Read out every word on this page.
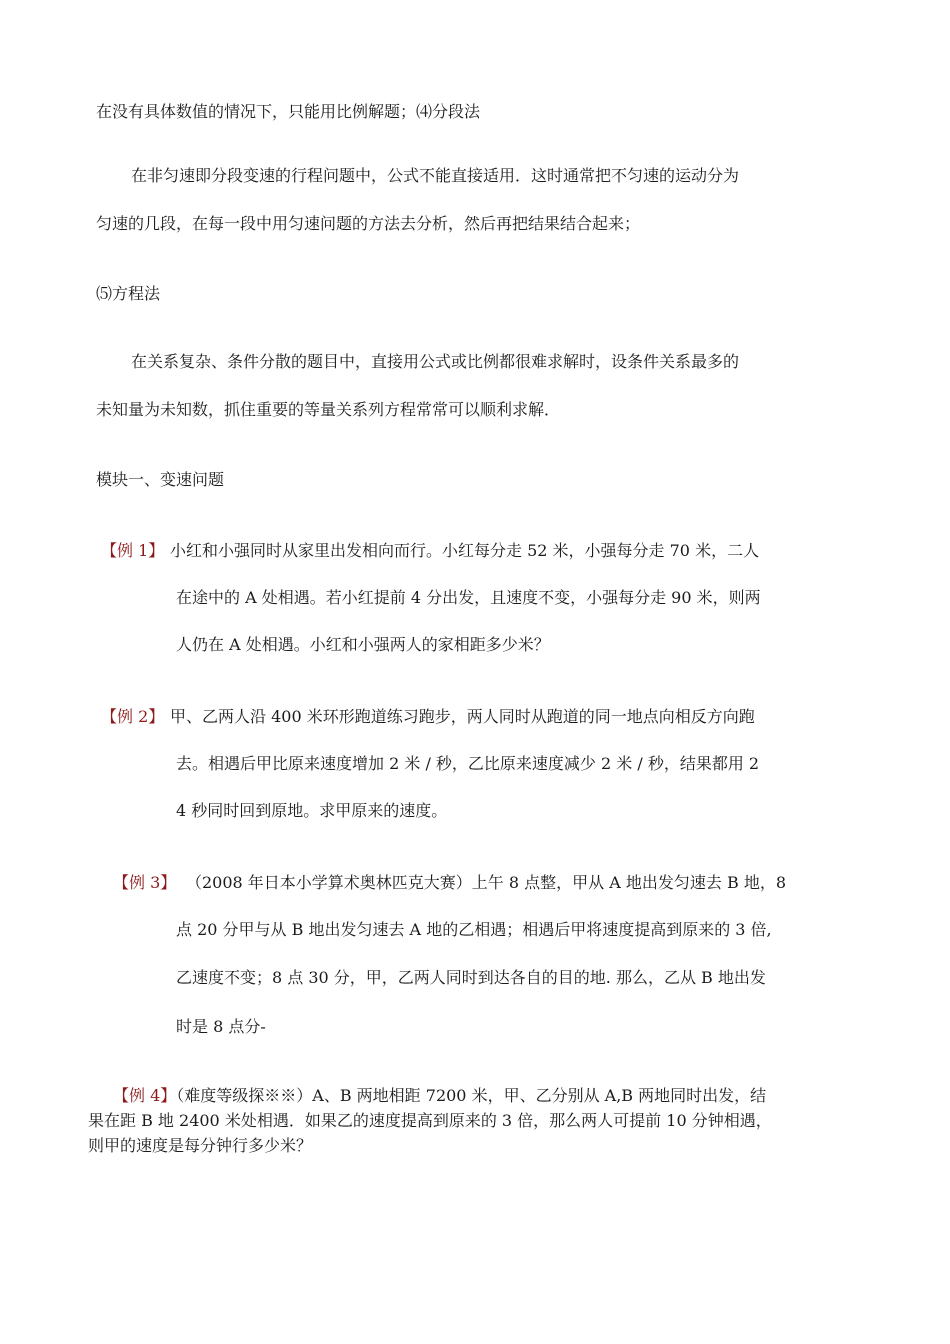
在没有具体数值的情况下，只能用比例解题；⑷分段法
在非匀速即分段变速的行程问题中，公式不能直接适用．这时通常把不匀速的运动分为
匀速的几段，在每一段中用匀速问题的方法去分析，然后再把结果结合起来；
⑸方程法
在关系复杂、条件分散的题目中，直接用公式或比例都很难求解时，设条件关系最多的
未知量为未知数，抓住重要的等量关系列方程常常可以顺利求解．
模块一、变速问题
【例 1】 小红和小强同时从家里出发相向而行。小红每分走 52 米，小强每分走 70 米，二人
在途中的 A 处相遇。若小红提前 4 分出发，且速度不变，小强每分走 90 米，则两
人仍在 A 处相遇。小红和小强两人的家相距多少米？
【例 2】 甲、乙两人沿 400 米环形跑道练习跑步，两人同时从跑道的同一地点向相反方向跑
去。相遇后甲比原来速度增加 2 米 / 秒，乙比原来速度减少 2 米 / 秒，结果都用 2
4 秒同时回到原地。求甲原来的速度。
【例 3】 （2008 年日本小学算术奥林匹克大赛）上午 8 点整，甲从 A 地出发匀速去 B 地，8
点 20 分甲与从 B 地出发匀速去 A 地的乙相遇；相遇后甲将速度提高到原来的 3 倍,
乙速度不变；8 点 30 分，甲，乙两人同时到达各自的目的地. 那么，乙从 B 地出发
时是 8 点分-
【例 4】（难度等级探※※）A、B 两地相距 7200 米，甲、乙分别从 A,B 两地同时出发，结
果在距 B 地 2400 米处相遇．如果乙的速度提高到原来的 3 倍，那么两人可提前 10 分钟相遇，
则甲的速度是每分钟行多少米？
